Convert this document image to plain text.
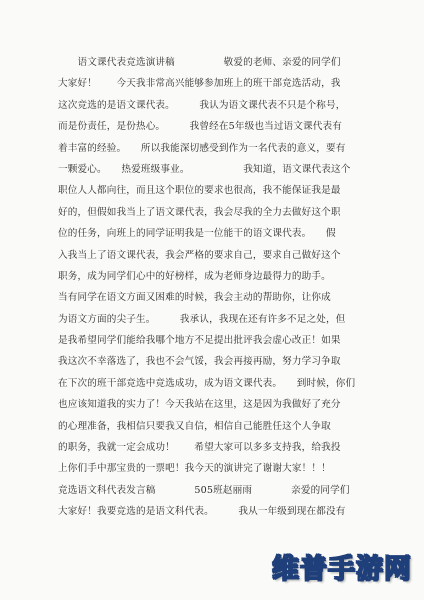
　　语文课代表竞选演讲稿　　　　　敬爱的老师、亲爱的同学们
大家好！　　今天我非常高兴能够参加班上的班干部竞选活动，我
这次竞选的是语文课代表。　　　我认为语文课代表不只是个称号，
而是份责任，是份热心。　　　我曾经在5年级也当过语文课代表有
着丰富的经验。　　所以我能深切感受到作为一名代表的意义，要有
一颗爱心。　　热爱班级事业。　　　　　　我知道，语文课代表这个
职位人人都向往，而且这个职位的要求也很高，我不能保证我是最
好的，但假如我当上了语文课代表，我会尽我的全力去做好这个职
位的任务，向班上的同学证明我是一位能干的语文课代表。　　假
入我当上了语文课代表，我会严格的要求自己，要求自己做好这个
职务，成为同学们心中的好榜样，成为老师身边最得力的助手。
当有同学在语文方面又困难的时候，我会主动的帮助你，让你成
为语文方面的尖子生。　　　我承认，我现在还有许多不足之处，但
是我希望同学们能给我哪个地方不足提出批评我会虚心改正！如果
我这次不幸落选了，我也不会气馁，我会再接再励，努力学习争取
在下次的班干部竞选中竞选成功，成为语文课代表。　　到时候，你们
也应该知道我的实力了！今天我站在这里，这是因为我做好了充分
的心理准备，我相信只要我又自信，相信自己能胜任这个人争取
的职务，我就一定会成功！　　希望大家可以多多支持我，给我投
上你们手中那宝贵的一票吧！我今天的演讲完了谢谢大家！！！
竞选语文科代表发言稿　　　　505班赵丽雨　　　　亲爱的同学们
大家好！我要竞选的是语文科代表。　　　我从一年级到现在都没有
维普手游网
